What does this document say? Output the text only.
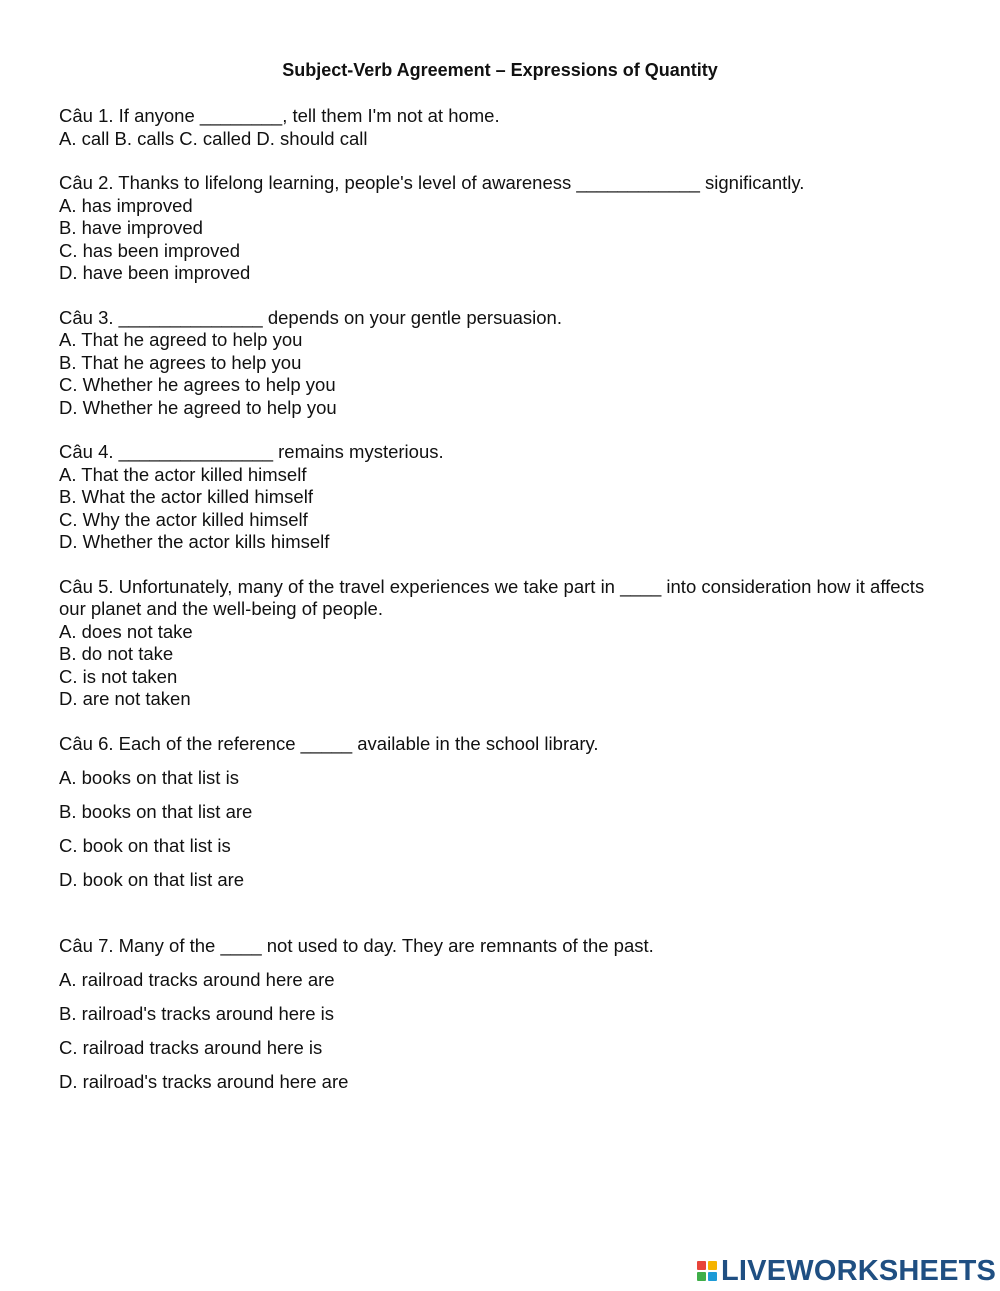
Subject-Verb Agreement – Expressions of Quantity
Câu 1. If anyone ________, tell them I'm not at home.
A. call B. calls C. called D. should call
Câu 2. Thanks to lifelong learning, people's level of awareness ____________ significantly.
A. has improved
B. have improved
C. has been improved
D. have been improved
Câu 3. ______________ depends on your gentle persuasion.
A. That he agreed to help you
B. That he agrees to help you
C. Whether he agrees to help you
D. Whether he agreed to help you
Câu 4. _______________ remains mysterious.
A. That the actor killed himself
B. What the actor killed himself
C. Why the actor killed himself
D. Whether the actor kills himself
Câu 5. Unfortunately, many of the travel experiences we take part in ____ into consideration how it affects our planet and the well-being of people.
A. does not take
B. do not take
C. is not taken
D. are not taken
Câu 6. Each of the reference _____ available in the school library.
A. books on that list is
B. books on that list are
C. book on that list is
D. book on that list are
Câu 7. Many of the ____ not used to day. They are remnants of the past.
A. railroad tracks around here are
B. railroad's tracks around here is
C. railroad tracks around here is
D. railroad's tracks around here are
LIVEWORKSHEETS
